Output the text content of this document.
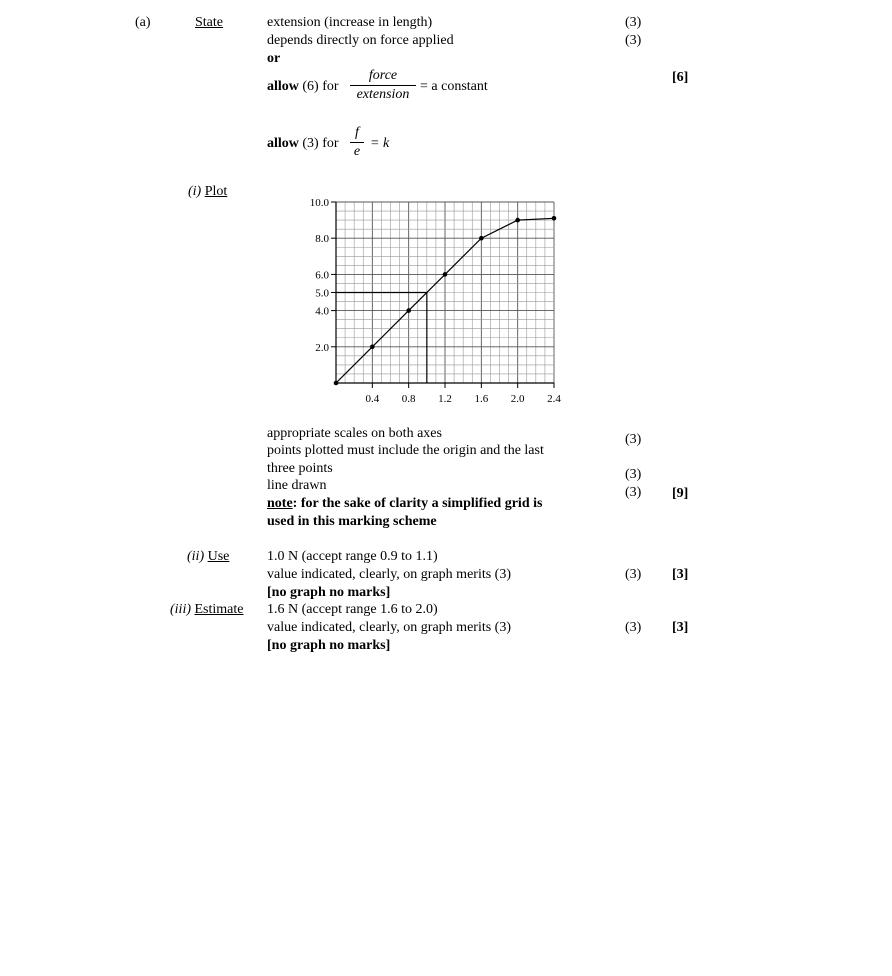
(a)	State	extension (increase in length)	(3)
depends directly on force applied	(3)
or
allow (6) for
force
extension
= a constant
[6]
allow (3) for
f
e
= k
(i) Plot
0.4 0.8 1.2 1.6 2.0 2.4
2.0
4.0
5.0
6.0
8.0
10.0
appropriate scales on both axes	(3)
points plotted must include the origin and the last
three points	(3)
line drawn	(3) [9]
note: for the sake of clarity a simplified grid is
used in this marking scheme
(ii) Use	1.0 N (accept range 0.9 to 1.1)
value indicated, clearly, on graph merits (3)	(3) [3]
[no graph no marks]
(iii) Estimate 1.6 N (accept range 1.6 to 2.0)
value indicated, clearly, on graph merits (3)	(3) [3]
[no graph no marks]
